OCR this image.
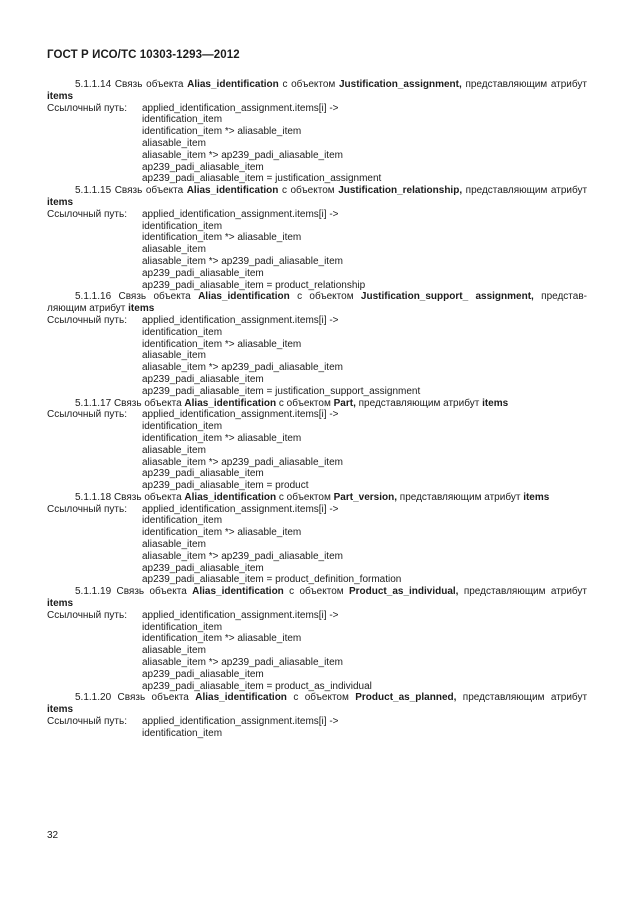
ГОСТ Р ИСО/ТС 10303-1293—2012
5.1.1.14 Связь объекта Alias_identification с объектом Justification_assignment, представляющим атрибут items
Ссылочный путь:	applied_identification_assignment.items[i] ->
identification_item
identification_item *> aliasable_item
aliasable_item
aliasable_item *> ap239_padi_aliasable_item
ap239_padi_aliasable_item
ap239_padi_aliasable_item = justification_assignment
5.1.1.15 Связь объекта Alias_identification с объектом Justification_relationship, представляющим атрибут items
Ссылочный путь:	applied_identification_assignment.items[i] ->
identification_item
identification_item *> aliasable_item
aliasable_item
aliasable_item *> ap239_padi_aliasable_item
ap239_padi_aliasable_item
ap239_padi_aliasable_item = product_relationship
5.1.1.16 Связь объекта Alias_identification с объектом Justification_support_ assignment, представ-ляющим атрибут items
Ссылочный путь:	applied_identification_assignment.items[i] ->
identification_item
identification_item *> aliasable_item
aliasable_item
aliasable_item *> ap239_padi_aliasable_item
ap239_padi_aliasable_item
ap239_padi_aliasable_item = justification_support_assignment
5.1.1.17 Связь объекта Alias_identification с объектом Part, представляющим атрибут items
Ссылочный путь:	applied_identification_assignment.items[i] ->
identification_item
identification_item *> aliasable_item
aliasable_item
aliasable_item *> ap239_padi_aliasable_item
ap239_padi_aliasable_item
ap239_padi_aliasable_item = product
5.1.1.18 Связь объекта Alias_identification с объектом Part_version, представляющим атрибут items
Ссылочный путь:	applied_identification_assignment.items[i] ->
identification_item
identification_item *> aliasable_item
aliasable_item
aliasable_item *> ap239_padi_aliasable_item
ap239_padi_aliasable_item
ap239_padi_aliasable_item = product_definition_formation
5.1.1.19 Связь объекта Alias_identification с объектом Product_as_individual, представляющим атрибут items
Ссылочный путь:	applied_identification_assignment.items[i] ->
identification_item
identification_item *> aliasable_item
aliasable_item
aliasable_item *> ap239_padi_aliasable_item
ap239_padi_aliasable_item
ap239_padi_aliasable_item = product_as_individual
5.1.1.20 Связь объекта Alias_identification с объектом Product_as_planned, представляющим атрибут items
Ссылочный путь:	applied_identification_assignment.items[i] ->
identification_item
32
